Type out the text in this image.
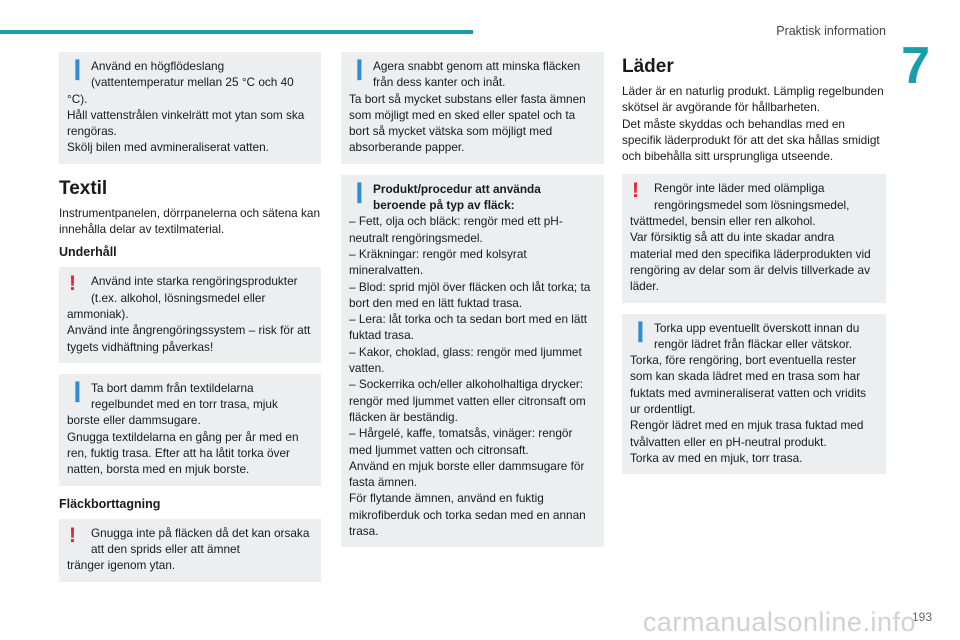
Praktisk information
7
❙ Använd en högflödeslang (vattentemperatur mellan 25 °C och 40

°C).

Håll vattenstrålen vinkelrätt mot ytan som ska rengöras.

Skölj bilen med avmineraliserat vatten.

Textil

Instrumentpanelen, dörrpanelerna och sätena kan innehålla delar av textilmaterial.

Underhåll
! Använd inte starka rengöringsprodukter (t.ex. alkohol, lösningsmedel eller

ammoniak).

Använd inte ångrengöringssystem – risk för att tygets vidhäftning påverkas!

❙ Ta bort damm från textildelarna regelbundet med en torr trasa, mjuk

borste eller dammsugare.

Gnugga textildelarna en gång per år med en ren, fuktig trasa. Efter att ha låtit torka över natten, borsta med en mjuk borste.

Fläckborttagning
! Gnugga inte på fläcken då det kan orsaka att den sprids eller att ämnet

tränger igenom ytan.

❙ Agera snabbt genom att minska fläcken från dess kanter och inåt.

Ta bort så mycket substans eller fasta ämnen som möjligt med en sked eller spatel och ta bort så mycket vätska som möjligt med absorberande papper.

❙ Produkt/procedur att använda beroende på typ av fläck:

– Fett, olja och bläck: rengör med ett pH-neutralt rengöringsmedel.

– Kräkningar: rengör med kolsyrat mineralvatten.

– Blod: sprid mjöl över fläcken och låt torka; ta bort den med en lätt fuktad trasa.

– Lera: låt torka och ta sedan bort med en lätt fuktad trasa.

– Kakor, choklad, glass: rengör med ljummet vatten.

– Sockerrika och/eller alkoholhaltiga drycker: rengör med ljummet vatten eller citronsaft om fläcken är beständig.

– Hårgelé, kaffe, tomatsås, vinäger: rengör med ljummet vatten och citronsaft.

Använd en mjuk borste eller dammsugare för fasta ämnen.

För flytande ämnen, använd en fuktig mikrofiberduk och torka sedan med en annan trasa.

Läder

Läder är en naturlig produkt. Lämplig regelbunden skötsel är avgörande för hållbarheten.

Det måste skyddas och behandlas med en specifik läderprodukt för att det ska hållas smidigt och bibehålla sitt ursprungliga utseende.

! Rengör inte läder med olämpliga rengöringsmedel som lösningsmedel,

tvättmedel, bensin eller ren alkohol.

Var försiktig så att du inte skadar andra material med den specifika läderprodukten vid rengöring av delar som är delvis tillverkade av läder.

❙ Torka upp eventuellt överskott innan du rengör lädret från fläckar eller vätskor.

Torka, före rengöring, bort eventuella rester som kan skada lädret med en trasa som har fuktats med avmineraliserat vatten och vridits ur ordentligt.

Rengör lädret med en mjuk trasa fuktad med tvålvatten eller en pH-neutral produkt.

Torka av med en mjuk, torr trasa.

193
carmanualsonline.info
